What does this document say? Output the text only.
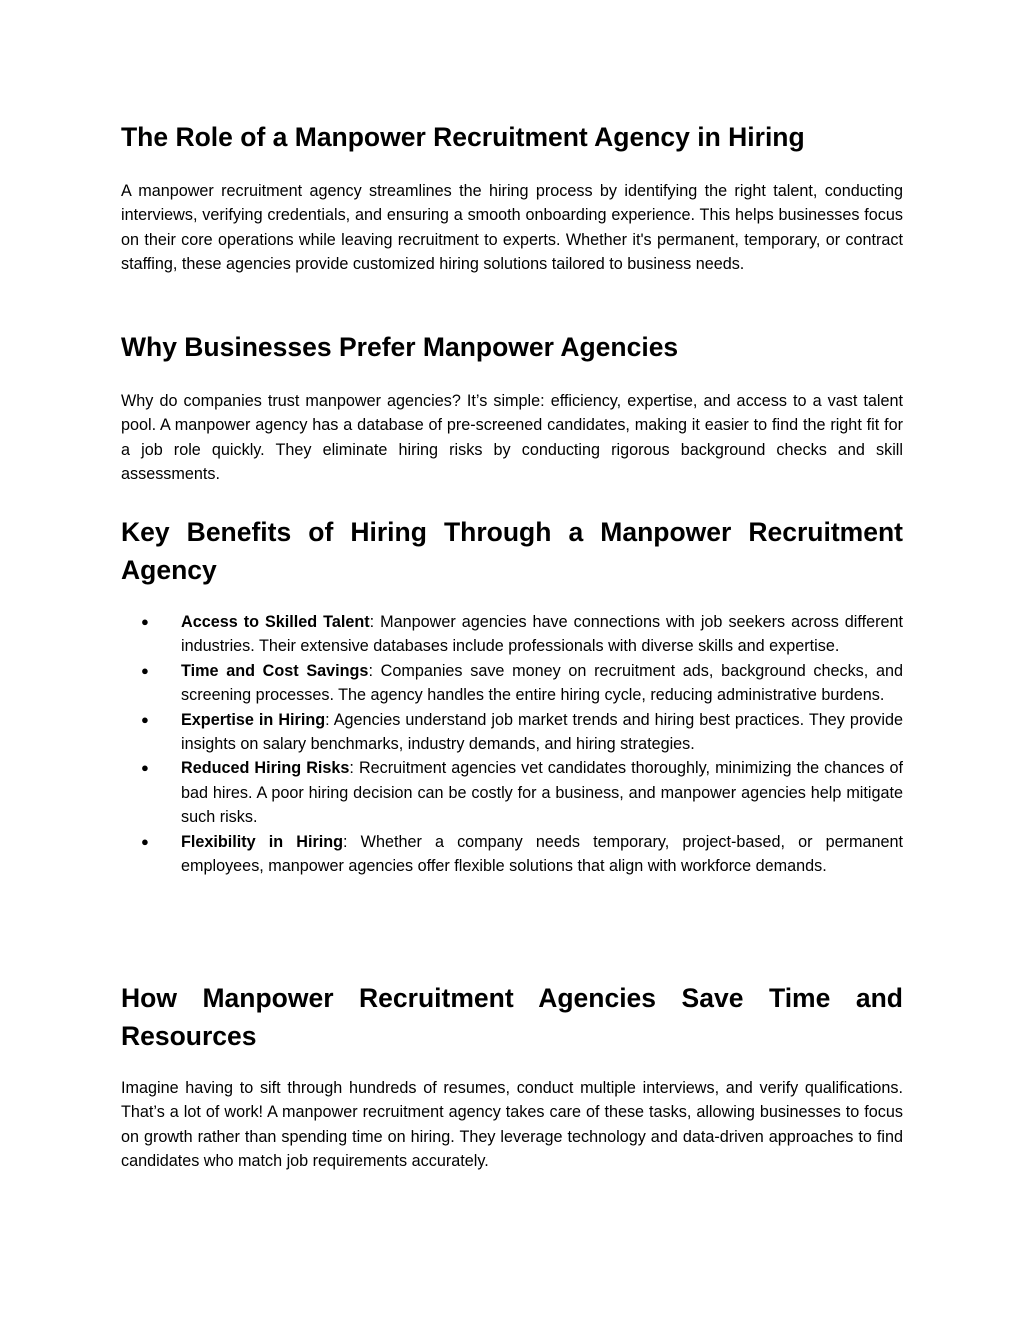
The Role of a Manpower Recruitment Agency in Hiring

A manpower recruitment agency streamlines the hiring process by identifying the right talent, conducting interviews, verifying credentials, and ensuring a smooth onboarding experience. This helps businesses focus on their core operations while leaving recruitment to experts. Whether it's permanent, temporary, or contract staffing, these agencies provide customized hiring solutions tailored to business needs.

Why Businesses Prefer Manpower Agencies

Why do companies trust manpower agencies? It’s simple: efficiency, expertise, and access to a vast talent pool. A manpower agency has a database of pre-screened candidates, making it easier to find the right fit for a job role quickly. They eliminate hiring risks by conducting rigorous background checks and skill assessments.

Key Benefits of Hiring Through a Manpower Recruitment Agency
● Access to Skilled Talent: Manpower agencies have connections with job seekers across different industries. Their extensive databases include professionals with diverse skills and expertise.
● Time and Cost Savings: Companies save money on recruitment ads, background checks, and screening processes. The agency handles the entire hiring cycle, reducing administrative burdens.
● Expertise in Hiring: Agencies understand job market trends and hiring best practices. They provide insights on salary benchmarks, industry demands, and hiring strategies.
● Reduced Hiring Risks: Recruitment agencies vet candidates thoroughly, minimizing the chances of bad hires. A poor hiring decision can be costly for a business, and manpower agencies help mitigate such risks.
● Flexibility in Hiring: Whether a company needs temporary, project-based, or permanent employees, manpower agencies offer flexible solutions that align with workforce demands.
How Manpower Recruitment Agencies Save Time and Resources

Imagine having to sift through hundreds of resumes, conduct multiple interviews, and verify qualifications. That’s a lot of work! A manpower recruitment agency takes care of these tasks, allowing businesses to focus on growth rather than spending time on hiring. They leverage technology and data-driven approaches to find candidates who match job requirements accurately.
